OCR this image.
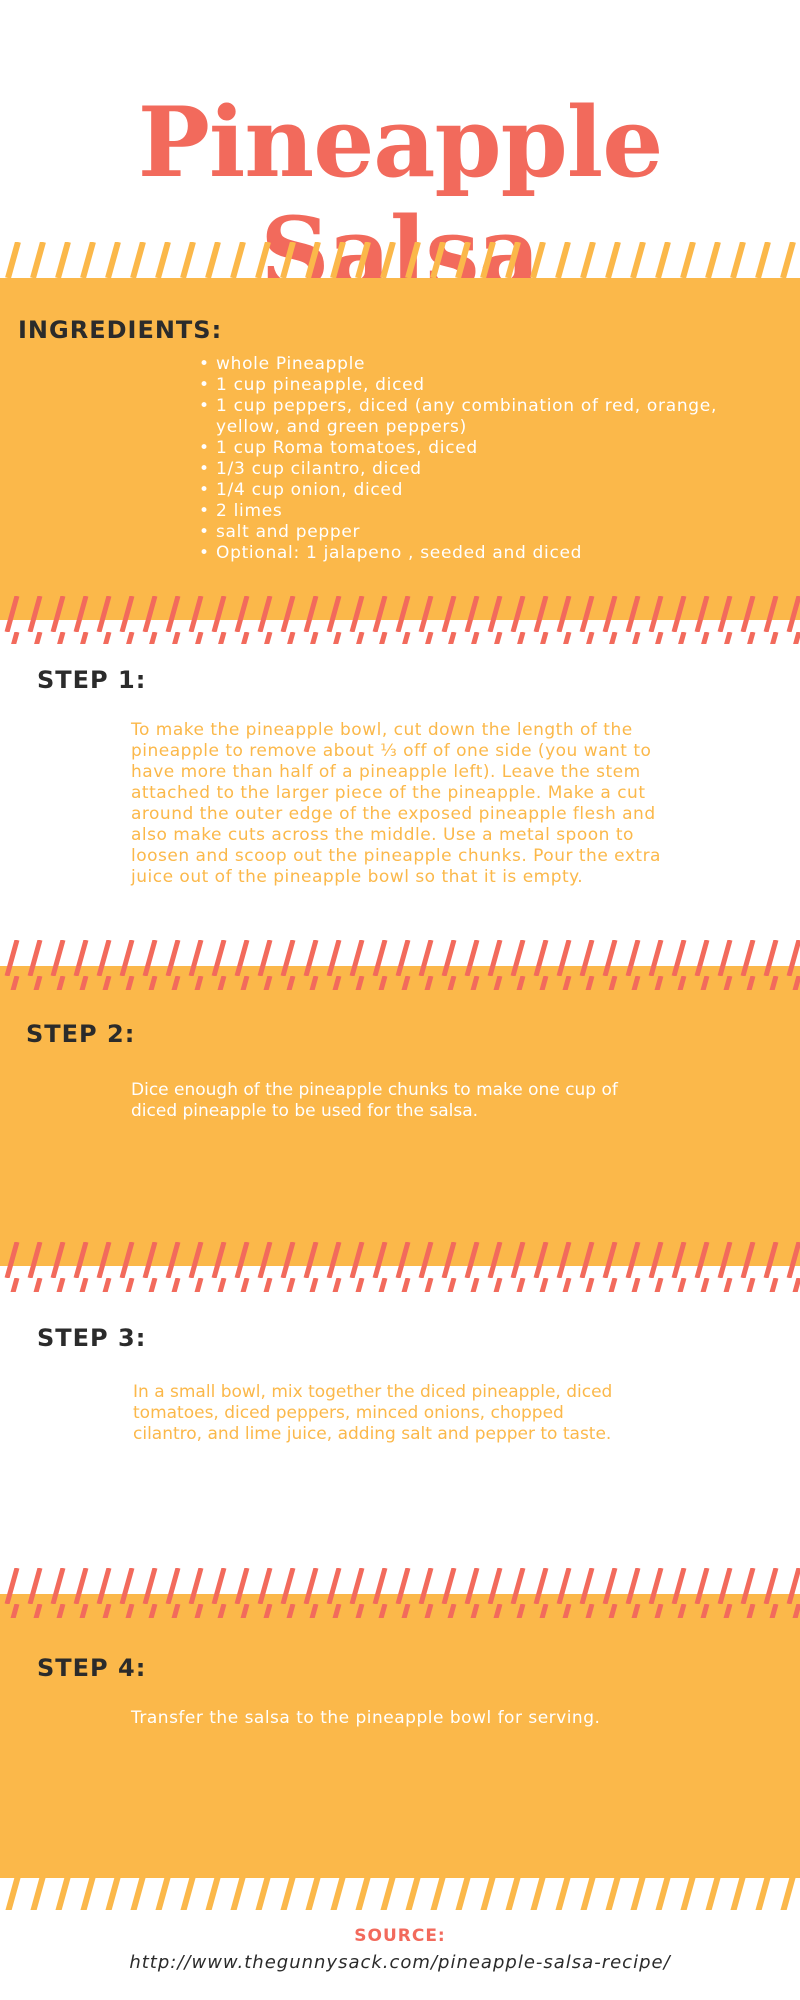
Pineapple
INGREDIENTS:
• whole Pineapple
• 1 cup pineapple, diced
• 1 cup peppers, diced (any combination of red, orange, yellow, and green peppers)
• 1 cup Roma tomatoes, diced
• 1/3 cup cilantro, diced
• 1/4 cup onion, diced
• 2 limes
• salt and pepper
• Optional: 1 jalapeno , seeded and diced
STEP 1:
To make the pineapple bowl, cut down the length of the pineapple to remove about ⅓ off of one side (you want to have more than half of a pineapple left). Leave the stem attached to the larger piece of the pineapple. Make a cut around the outer edge of the exposed pineapple flesh and also make cuts across the middle. Use a metal spoon to loosen and scoop out the pineapple chunks. Pour the extra juice out of the pineapple bowl so that it is empty.
STEP 2:
Dice enough of the pineapple chunks to make one cup of diced pineapple to be used for the salsa.
STEP 3:
In a small bowl, mix together the diced pineapple, diced tomatoes, diced peppers, minced onions, chopped cilantro, and lime juice, adding salt and pepper to taste.
STEP 4:
Transfer the salsa to the pineapple bowl for serving.
SOURCE:
http://www.thegunnysack.com/pineapple-salsa-recipe/
